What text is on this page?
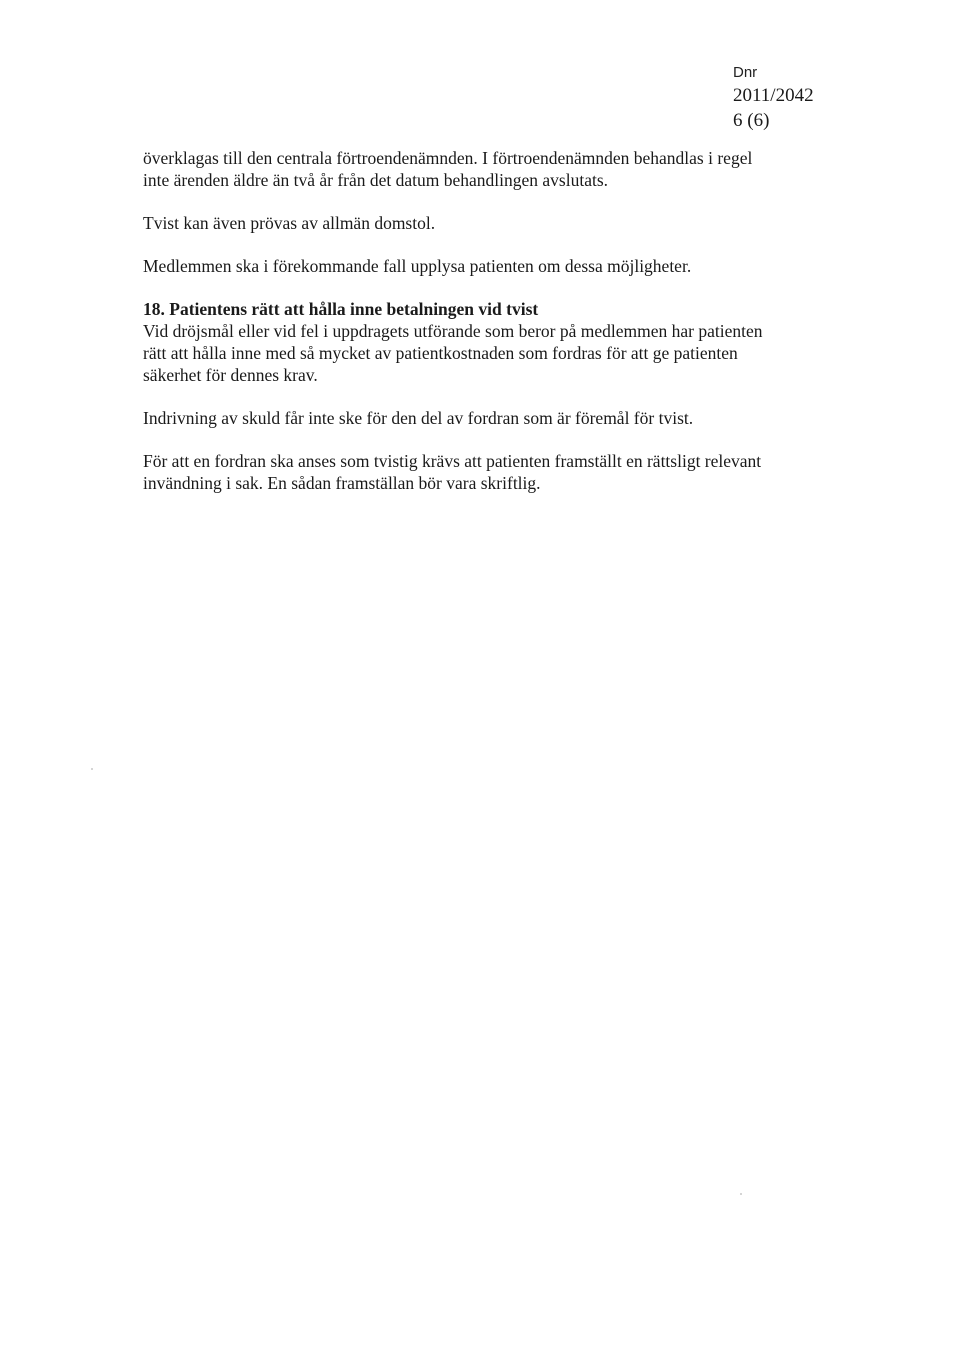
Dnr
2011/2042
6 (6)

överklagas till den centrala förtroendenämnden. I förtroendenämnden behandlas i regel
inte ärenden äldre än två år från det datum behandlingen avslutats.

Tvist kan även prövas av allmän domstol.

Medlemmen ska i förekommande fall upplysa patienten om dessa möjligheter.

18. Patientens rätt att hålla inne betalningen vid tvist

Vid dröjsmål eller vid fel i uppdragets utförande som beror på medlemmen har patienten
rätt att hålla inne med så mycket av patientkostnaden som fordras för att ge patienten
säkerhet för dennes krav.

Indrivning av skuld får inte ske för den del av fordran som är föremål för tvist.

För att en fordran ska anses som tvistig krävs att patienten framställt en rättsligt relevant
invändning i sak. En sådan framställan bör vara skriftlig.
